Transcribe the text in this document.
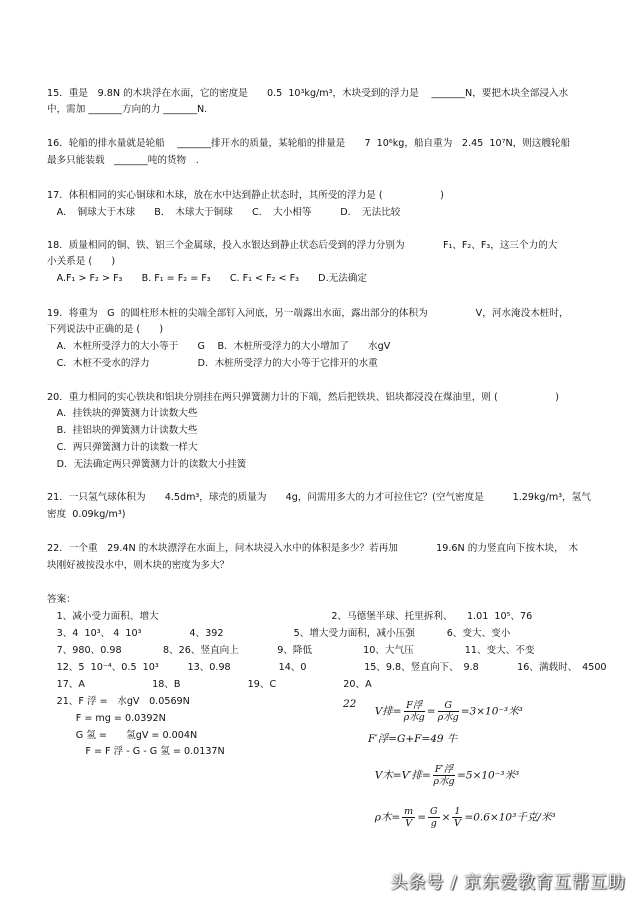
15．重是　9.8N 的木块浮在水面，它的密度是　　0.5  10³kg/m³，木块受到的浮力是　 _______N，要把木块全部浸入水
中，需加 _______方向的力 _______N.
16．轮船的排水量就是轮船　 _______排开水的质量，某轮船的排量是　　7  10⁶kg，船自重为　2.45  10⁷N，则这艘轮船
最多只能装载　_______吨的货物　.
17．体积相同的实心铜球和木球，放在水中达到静止状态时，其所受的浮力是 (　　　　　　)
　A．　铜球大于木球　　B．　木球大于铜球　　C．　大小相等　　　D．　无法比较
18．质量相同的铜、铁、铝三个金属球，投入水银达到静止状态后受到的浮力分别为　　　　F₁、F₂、F₃，这三个力的大
小关系是 (　　)
　A.F₁ > F₂ > F₃　　B. F₁ = F₂ = F₃　　C. F₁ < F₂ < F₃　　D.无法确定
19．将重为　G  的圆柱形木桩的尖端全部钉入河底，另一端露出水面，露出部分的体积为　　　　　V，河水淹没木桩时，
下列说法中正确的是 (　　)
　A．木桩所受浮力的大小等于　　G　 B．木桩所受浮力的大小增加了　　水gV
　C．木桩不受水的浮力　　　　　D．木桩所受浮力的大小等于它排开的水重
20．重力相同的实心铁块和铝块分别挂在两只弹簧测力计的下端，然后把铁块、铝块都浸没在煤油里，则 (　　　　　　)
　A．挂铁块的弹簧测力计读数大些
　B．挂铝块的弹簧测力计读数大些
　C．两只弹簧测力计的读数一样大
　D．无法确定两只弹簧测力计的读数大小挂簧
21．一只氢气球体积为　　4.5dm³，球壳的质量为　　4g，问需用多大的力才可拉住它？(空气密度是　　　1.29kg/m³，氢气
密度  0.09kg/m³)
22．一个重　29.4N 的木块漂浮在水面上，问木块浸入水中的体积是多少？若再加　　　　19.6N 的力竖直向下按木块，　木
块刚好被按没水中，则木块的密度为多大？
答案：
　1、减小受力面积、增大　　　　　　　　　　　　　　　　　　2、马德堡半球、托里拆利、　　1.01  10⁵、76
　3、4  10³、 4  10³　　　　　4、392　　　　　　　 5、增大受力面积，减小压强　　　 6、变大、变小
　7、980、0.98　　　　 8、26、竖直向上　　　　9、降低　　　　　 10、大气压　　　　　 11、变大、不变
　12、5  10⁻⁴、0.5  10³　　　13、0.98　　　　　14、0　　　　　　15、9.8、竖直向下、　9.8　　　　16、满载时、　4500
　17、A　　　　　　　18、B　　　　　　　19、C　　　　　　　20、A
　21、F 浮 =　水gV　0.0569N
　　　F = mg = 0.0392N
　　　G 氢 =　　氢gV = 0.004N
　　　　F = F 浮 - G - G 氢 = 0.0137N
22

V排= $\frac{\text{F浮}}{\text{ρ水g}} = \frac{G}{\text{ρ水g}} =3\times 10^{-3}$米³

F′浮=G+F=49 牛

V木=V′排= $\frac{\text{F′浮}}{\text{ρ水g}} =5\times 10^{-3}$米³

ρ木= $\frac{m}{V} = \frac{G}{g} \times \frac{1}{V} =0.6\times 10^3$千克/米³

头条号 / 京东爱教育互帮互助
